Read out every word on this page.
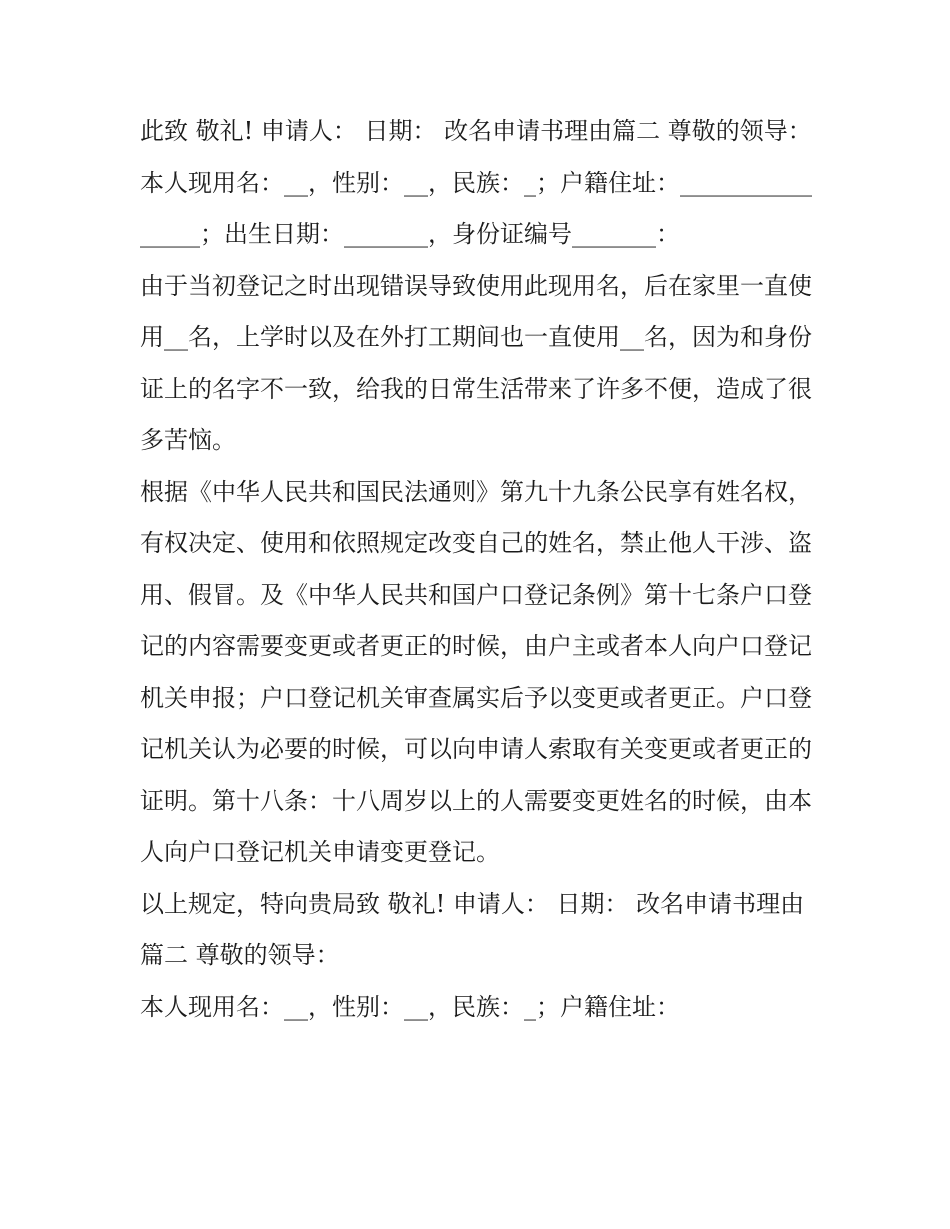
此致 敬礼! 申请人： 日期： 改名申请书理由篇二 尊敬的领导：

本人现用名：__，性别：__，民族：_；户籍住址：________________；出生日期：_______，身份证编号_______：

由于当初登记之时出现错误导致使用此现用名，后在家里一直使用__名，上学时以及在外打工期间也一直使用__名，因为和身份证上的名字不一致，给我的日常生活带来了许多不便，造成了很多苦恼。

根据《中华人民共和国民法通则》第九十九条公民享有姓名权，有权决定、使用和依照规定改变自己的姓名，禁止他人干涉、盗用、假冒。及《中华人民共和国户口登记条例》第十七条户口登记的内容需要变更或者更正的时候，由户主或者本人向户口登记机关申报；户口登记机关审查属实后予以变更或者更正。户口登记机关认为必要的时候，可以向申请人索取有关变更或者更正的证明。第十八条：十八周岁以上的人需要变更姓名的时候，由本人向户口登记机关申请变更登记。

以上规定，特向贵局致 敬礼! 申请人： 日期： 改名申请书理由篇二 尊敬的领导：

本人现用名：__，性别：__，民族：_；户籍住址：
